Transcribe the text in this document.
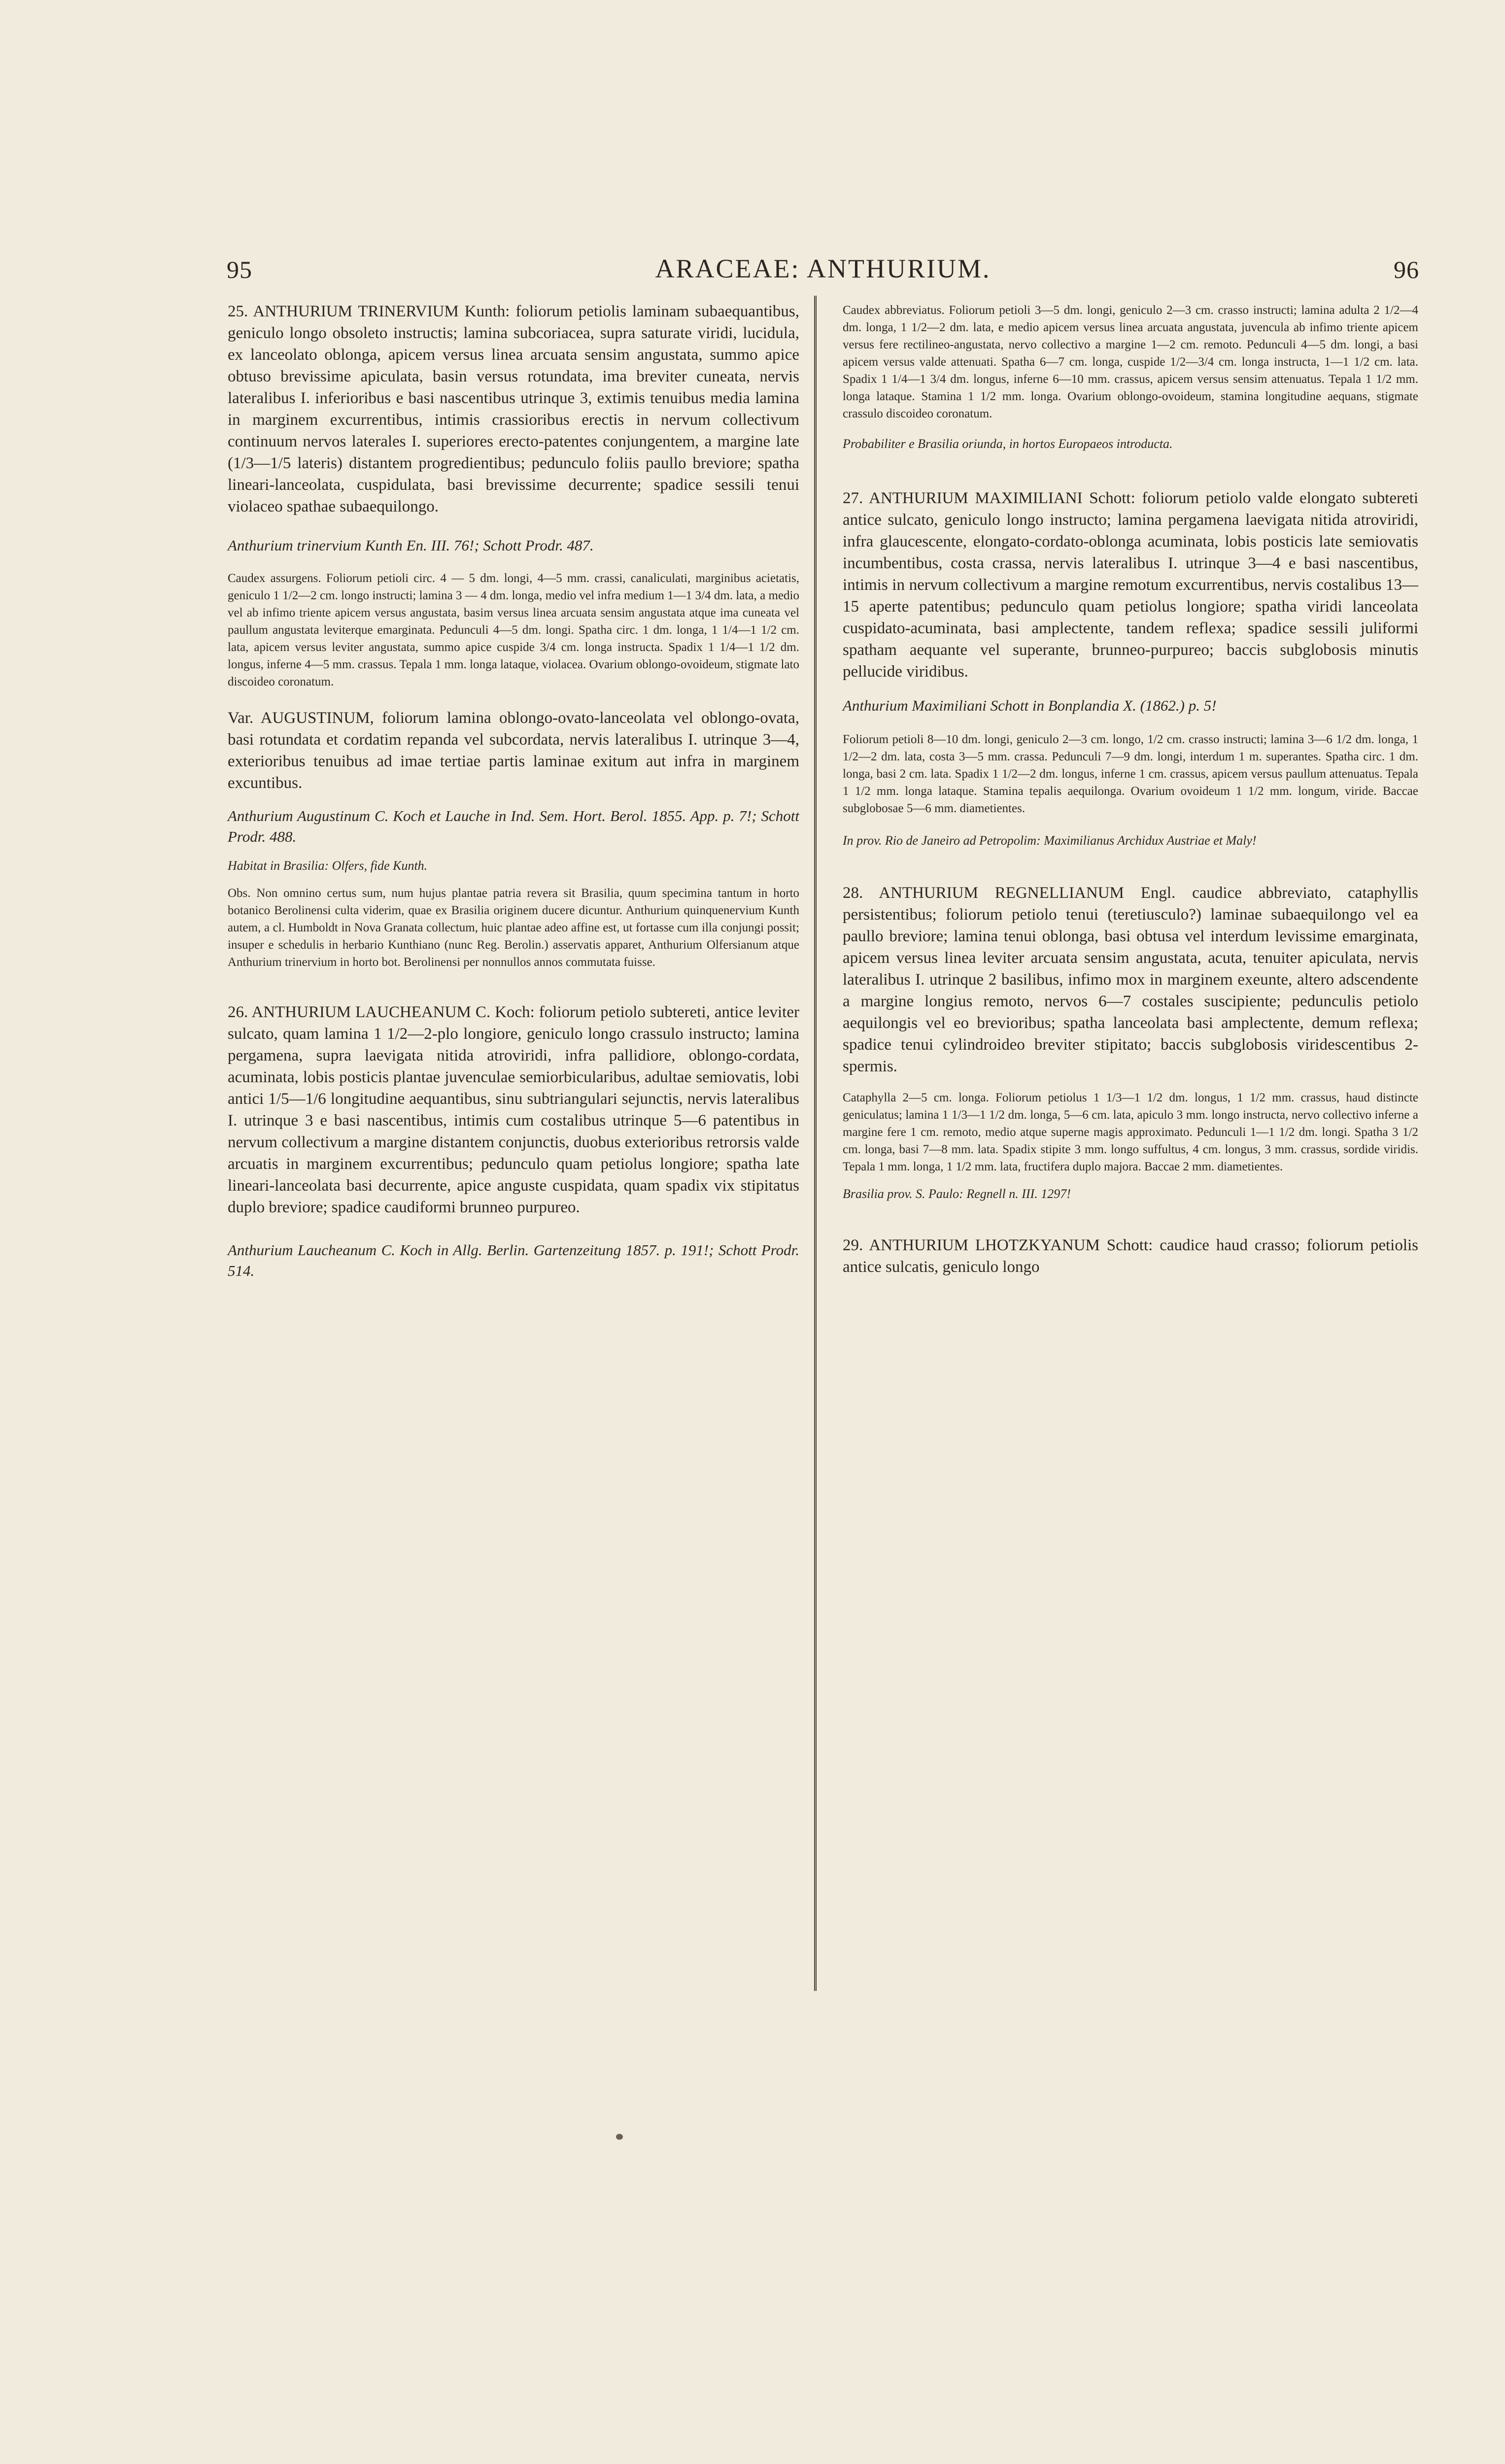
95	ARACEAE: ANTHURIUM.	96

25. ANTHURIUM TRINERVIUM Kunth: foliorum petiolis laminam subaequantibus, geniculo longo obsoleto instructis; lamina subcoriacea, supra saturate viridi, lucidula, ex lanceolato oblonga, apicem versus linea arcuata sensim angustata, summo apice obtuso brevissime apiculata, basin versus rotundata, ima breviter cuneata, nervis lateralibus I. inferioribus e basi nascentibus utrinque 3, extimis tenuibus media lamina in marginem excurrentibus, intimis crassioribus erectis in nervum collectivum continuum nervos laterales I. superiores erecto-patentes conjungentem, a margine late (1/3—1/5 lateris) distantem progredientibus; pedunculo foliis paullo breviore; spatha lineari-lanceolata, cuspidulata, basi brevissime decurrente; spadice sessili tenui violaceo spathae subaequilongo.

Anthurium trinervium Kunth En. III. 76!; Schott Prodr. 487.

Caudex assurgens. Foliorum petioli circ. 4 — 5 dm. longi, 4—5 mm. crassi, canaliculati, marginibus acietatis, geniculo 1 1/2—2 cm. longo instructi; lamina 3 — 4 dm. longa, medio vel infra medium 1—1 3/4 dm. lata, a medio vel ab infimo triente apicem versus angustata, basim versus linea arcuata sensim angustata atque ima cuneata vel paullum angustata leviterque emarginata. Pedunculi 4—5 dm. longi. Spatha circ. 1 dm. longa, 1 1/4—1 1/2 cm. lata, apicem versus leviter angustata, summo apice cuspide 3/4 cm. longa instructa. Spadix 1 1/4—1 1/2 dm. longus, inferne 4—5 mm. crassus. Tepala 1 mm. longa lataque, violacea. Ovarium oblongo-ovoideum, stigmate lato discoideo coronatum.

Var. AUGUSTINUM, foliorum lamina oblongo-ovato-lanceolata vel oblongo-ovata, basi rotundata et cordatim repanda vel subcordata, nervis lateralibus I. utrinque 3—4, exterioribus tenuibus ad imae tertiae partis laminae exitum aut infra in marginem excuntibus.

Anthurium Augustinum C. Koch et Lauche in Ind. Sem. Hort. Berol. 1855. App. p. 7!; Schott Prodr. 488.

Habitat in Brasilia: Olfers, fide Kunth.

Obs. Non omnino certus sum, num hujus plantae patria revera sit Brasilia, quum specimina tantum in horto botanico Berolinensi culta viderim, quae ex Brasilia originem ducere dicuntur. Anthurium quinquenervium Kunth autem, a cl. Humboldt in Nova Granata collectum, huic plantae adeo affine est, ut fortasse cum illa conjungi possit; insuper e schedulis in herbario Kunthiano (nunc Reg. Berolin.) asservatis apparet, Anthurium Olfersianum atque Anthurium trinervium in horto bot. Berolinensi per nonnullos annos commutata fuisse.

26. ANTHURIUM LAUCHEANUM C. Koch: foliorum petiolo subtereti, antice leviter sulcato, quam lamina 1 1/2—2-plo longiore, geniculo longo crassulo instructo; lamina pergamena, supra laevigata nitida atroviridi, infra pallidiore, oblongo-cordata, acuminata, lobis posticis plantae juvenculae semiorbicularibus, adultae semiovatis, lobi antici 1/5—1/6 longitudine aequantibus, sinu subtriangulari sejunctis, nervis lateralibus I. utrinque 3 e basi nascentibus, intimis cum costalibus utrinque 5—6 patentibus in nervum collectivum a margine distantem conjunctis, duobus exterioribus retrorsis valde arcuatis in marginem excurrentibus; pedunculo quam petiolus longiore; spatha late lineari-lanceolata basi decurrente, apice anguste cuspidata, quam spadix vix stipitatus duplo breviore; spadice caudiformi brunneo purpureo.

Anthurium Laucheanum C. Koch in Allg. Berlin. Gartenzeitung 1857. p. 191!; Schott Prodr. 514.

Caudex abbreviatus. Foliorum petioli 3—5 dm. longi, geniculo 2—3 cm. crasso instructi; lamina adulta 2 1/2—4 dm. longa, 1 1/2—2 dm. lata, e medio apicem versus linea arcuata angustata, juvencula ab infimo triente apicem versus fere rectilineo-angustata, nervo collectivo a margine 1—2 cm. remoto. Pedunculi 4—5 dm. longi, a basi apicem versus valde attenuati. Spatha 6—7 cm. longa, cuspide 1/2—3/4 cm. longa instructa, 1—1 1/2 cm. lata. Spadix 1 1/4—1 3/4 dm. longus, inferne 6—10 mm. crassus, apicem versus sensim attenuatus. Tepala 1 1/2 mm. longa lataque. Stamina 1 1/2 mm. longa. Ovarium oblongo-ovoideum, stamina longitudine aequans, stigmate crassulo discoideo coronatum.

Probabiliter e Brasilia oriunda, in hortos Europaeos introducta.

27. ANTHURIUM MAXIMILIANI Schott: foliorum petiolo valde elongato subtereti antice sulcato, geniculo longo instructo; lamina pergamena laevigata nitida atroviridi, infra glaucescente, elongato-cordato-oblonga acuminata, lobis posticis late semiovatis incumbentibus, costa crassa, nervis lateralibus I. utrinque 3—4 e basi nascentibus, intimis in nervum collectivum a margine remotum excurrentibus, nervis costalibus 13—15 aperte patentibus; pedunculo quam petiolus longiore; spatha viridi lanceolata cuspidato-acuminata, basi amplectente, tandem reflexa; spadice sessili juliformi spatham aequante vel superante, brunneo-purpureo; baccis subglobosis minutis pellucide viridibus.

Anthurium Maximiliani Schott in Bonplandia X. (1862.) p. 5!

Foliorum petioli 8—10 dm. longi, geniculo 2—3 cm. longo, 1/2 cm. crasso instructi; lamina 3—6 1/2 dm. longa, 1 1/2—2 dm. lata, costa 3—5 mm. crassa. Pedunculi 7—9 dm. longi, interdum 1 m. superantes. Spatha circ. 1 dm. longa, basi 2 cm. lata. Spadix 1 1/2—2 dm. longus, inferne 1 cm. crassus, apicem versus paullum attenuatus. Tepala 1 1/2 mm. longa lataque. Stamina tepalis aequilonga. Ovarium ovoideum 1 1/2 mm. longum, viride. Baccae subglobosae 5—6 mm. diametientes.

In prov. Rio de Janeiro ad Petropolim: Maximilianus Archidux Austriae et Maly!

28. ANTHURIUM REGNELLIANUM Engl. caudice abbreviato, cataphyllis persistentibus; foliorum petiolo tenui (teretiusculo?) laminae subaequilongo vel ea paullo breviore; lamina tenui oblonga, basi obtusa vel interdum levissime emarginata, apicem versus linea leviter arcuata sensim angustata, acuta, tenuiter apiculata, nervis lateralibus I. utrinque 2 basilibus, infimo mox in marginem exeunte, altero adscendente a margine longius remoto, nervos 6—7 costales suscipiente; pedunculis petiolo aequilongis vel eo brevioribus; spatha lanceolata basi amplectente, demum reflexa; spadice tenui cylindroideo breviter stipitato; baccis subglobosis viridescentibus 2-spermis.

Cataphylla 2—5 cm. longa. Foliorum petiolus 1 1/3—1 1/2 dm. longus, 1 1/2 mm. crassus, haud distincte geniculatus; lamina 1 1/3—1 1/2 dm. longa, 5—6 cm. lata, apiculo 3 mm. longo instructa, nervo collectivo inferne a margine fere 1 cm. remoto, medio atque superne magis approximato. Pedunculi 1—1 1/2 dm. longi. Spatha 3 1/2 cm. longa, basi 7—8 mm. lata. Spadix stipite 3 mm. longo suffultus, 4 cm. longus, 3 mm. crassus, sordide viridis. Tepala 1 mm. longa, 1 1/2 mm. lata, fructifera duplo majora. Baccae 2 mm. diametientes.

Brasilia prov. S. Paulo: Regnell n. III. 1297!

29. ANTHURIUM LHOTZKYANUM Schott: caudice haud crasso; foliorum petiolis antice sulcatis, geniculo longo
